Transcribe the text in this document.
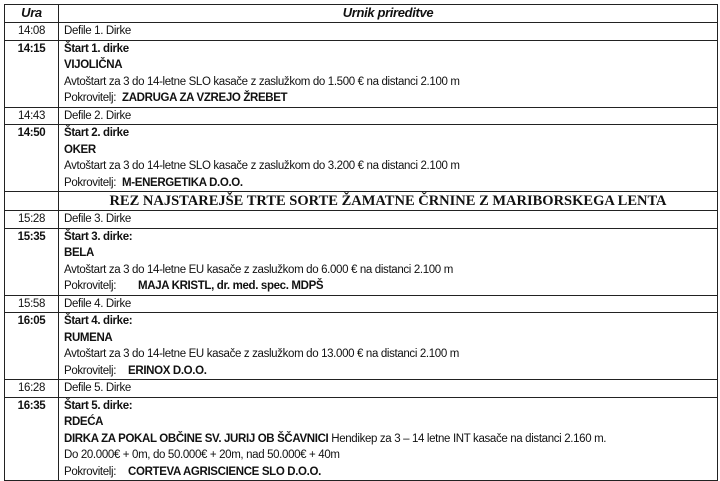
Ura	Urnik prireditve
14:08	Defile 1. Dirke
14:15	Štart 1. dirke
VIJOLIČNA
Avtoštart za 3 do 14-letne SLO kasače z zaslužkom do 1.500 € na distanci 2.100 m
Pokrovitelj: ZADRUGA ZA VZREJO ŽREBET

14:43	Defile 2. Dirke
14:50	Štart 2. dirke
OKER
Avtoštart za 3 do 14-letne SLO kasače z zaslužkom do 3.200 € na distanci 2.100 m
Pokrovitelj: M-ENERGETIKA D.O.O.

	REZ NAJSTAREJŠE TRTE SORTE ŽAMATNE ČRNINE Z MARIBORSKEGA LENTA
15:28	Defile 3. Dirke
15:35	Štart 3. dirke:
BELA
Avtoštart za 3 do 14-letne EU kasače z zaslužkom do 6.000 € na distanci 2.100 m
Pokrovitelj: MAJA KRISTL, dr. med. spec. MDPŠ

15:58	Defile 4. Dirke
16:05	Štart 4. dirke:
RUMENA
Avtoštart za 3 do 14-letne EU kasače z zaslužkom do 13.000 € na distanci 2.100 m
Pokrovitelj: ERINOX D.O.O.

16:28	Defile 5. Dirke
16:35	Štart 5. dirke:
RDEĆA
DIRKA ZA POKAL OBČINE SV. JURIJ OB ŠČAVNICI Hendikep za 3 – 14 letne INT kasače na distanci 2.160 m.
Do 20.000€ + 0m, do 50.000€ + 20m, nad 50.000€ + 40m
Pokrovitelj: CORTEVA AGRISCIENCE SLO D.O.O.
